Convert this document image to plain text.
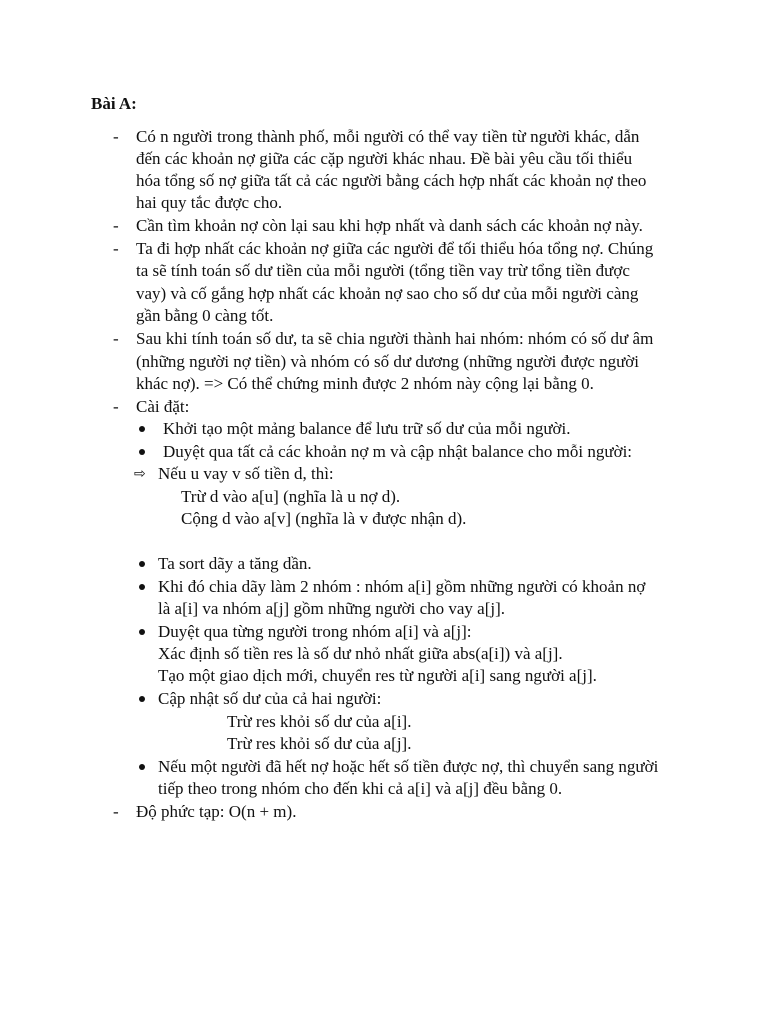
Bài A:
- Có n người trong thành phố, mỗi người có thể vay tiền từ người khác, dẫn
đến các khoản nợ giữa các cặp người khác nhau. Đề bài yêu cầu tối thiểu
hóa tổng số nợ giữa tất cả các người bằng cách hợp nhất các khoản nợ theo
hai quy tắc được cho.
- Cần tìm khoản nợ còn lại sau khi hợp nhất và danh sách các khoản nợ này.
- Ta đi hợp nhất các khoản nợ giữa các người để tối thiểu hóa tổng nợ. Chúng
ta sẽ tính toán số dư tiền của mỗi người (tổng tiền vay trừ tổng tiền được
vay) và cố gắng hợp nhất các khoản nợ sao cho số dư của mỗi người càng
gần bằng 0 càng tốt.
- Sau khi tính toán số dư, ta sẽ chia người thành hai nhóm: nhóm có số dư âm
(những người nợ tiền) và nhóm có số dư dương (những người được người
khác nợ). => Có thể chứng minh được 2 nhóm này cộng lại bằng 0.
- Cài đặt:
Khởi tạo một mảng balance để lưu trữ số dư của mỗi người.
Duyệt qua tất cả các khoản nợ m và cập nhật balance cho mỗi người:
⇨ Nếu u vay v số tiền d, thì:
Trừ d vào a[u] (nghĩa là u nợ d).
Cộng d vào a[v] (nghĩa là v được nhận d).
Ta sort dãy a tăng dần.
Khi đó chia dãy làm 2 nhóm : nhóm a[i] gồm những người có khoản nợ
là a[i] va nhóm a[j] gồm những người cho vay a[j].
Duyệt qua từng người trong nhóm a[i] và a[j]:
Xác định số tiền res là số dư nhỏ nhất giữa abs(a[i]) và a[j].
Tạo một giao dịch mới, chuyển res từ người a[i] sang người a[j].
Cập nhật số dư của cả hai người:
Trừ res khỏi số dư của a[i].
Trừ res khỏi số dư của a[j].
Nếu một người đã hết nợ hoặc hết số tiền được nợ, thì chuyển sang người
tiếp theo trong nhóm cho đến khi cả a[i] và a[j] đều bằng 0.
- Độ phức tạp: O(n + m).
